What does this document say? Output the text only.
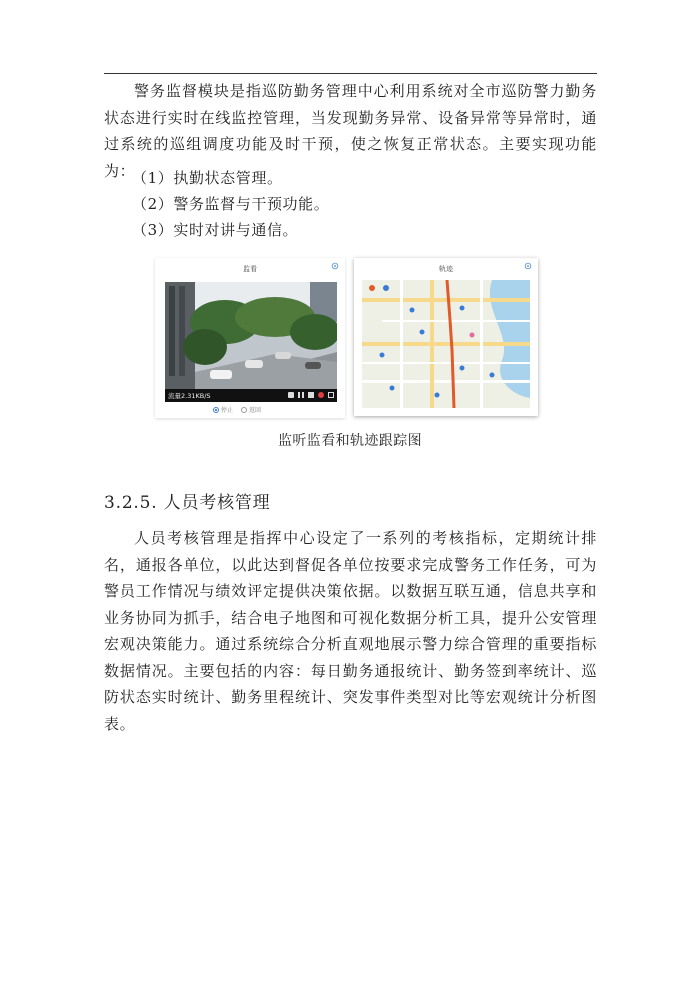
警务监督模块是指巡防勤务管理中心利用系统对全市巡防警力勤务状态进行实时在线监控管理，当发现勤务异常、设备异常等异常时，通过系统的巡组调度功能及时干预，使之恢复正常状态。主要实现功能为：

（1）执勤状态管理。
（2）警务监督与干预功能。
（3）实时对讲与通信。
监看
流量2.31KB/S
停止	返回
轨迹
监听监看和轨迹跟踪图
3.2.5. 人员考核管理

人员考核管理是指挥中心设定了一系列的考核指标，定期统计排名，通报各单位，以此达到督促各单位按要求完成警务工作任务，可为警员工作情况与绩效评定提供决策依据。以数据互联互通，信息共享和业务协同为抓手，结合电子地图和可视化数据分析工具，提升公安管理宏观决策能力。通过系统综合分析直观地展示警力综合管理的重要指标数据情况。主要包括的内容：每日勤务通报统计、勤务签到率统计、巡防状态实时统计、勤务里程统计、突发事件类型对比等宏观统计分析图表。
